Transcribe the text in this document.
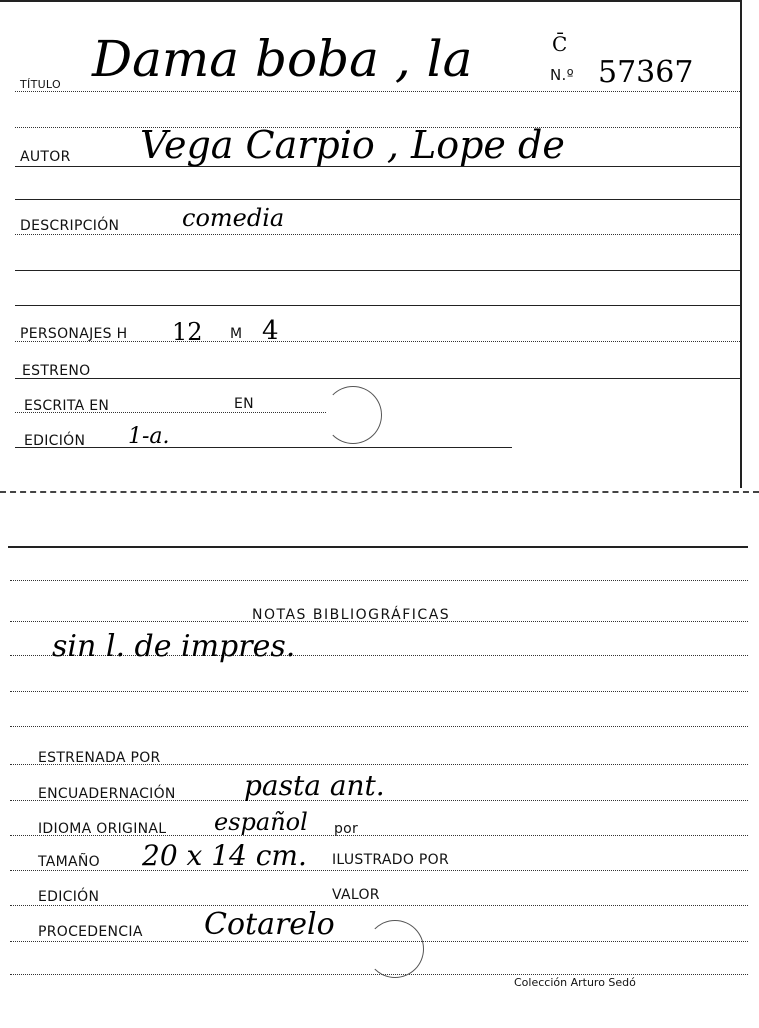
TÍTULO Dama boba , la	C̄
N.º 57367
AUTOR Vega Carpio , Lope de
DESCRIPCIÓN	comedia
PERSONAJES H 12 M 4
ESTRENO
ESCRITA EN	EN
EDICIÓN 1-a.
NOTAS BIBLIOGRÁFICAS
sin l. de impres.
ESTRENADA POR
ENCUADERNACIÓN pasta ant.
IDIOMA ORIGINAL español por
TAMAÑO 20 x 14 cm. ILUSTRADO POR
EDICIÓN	VALOR
PROCEDENCIA Cotarelo
Colección Arturo Sedó
